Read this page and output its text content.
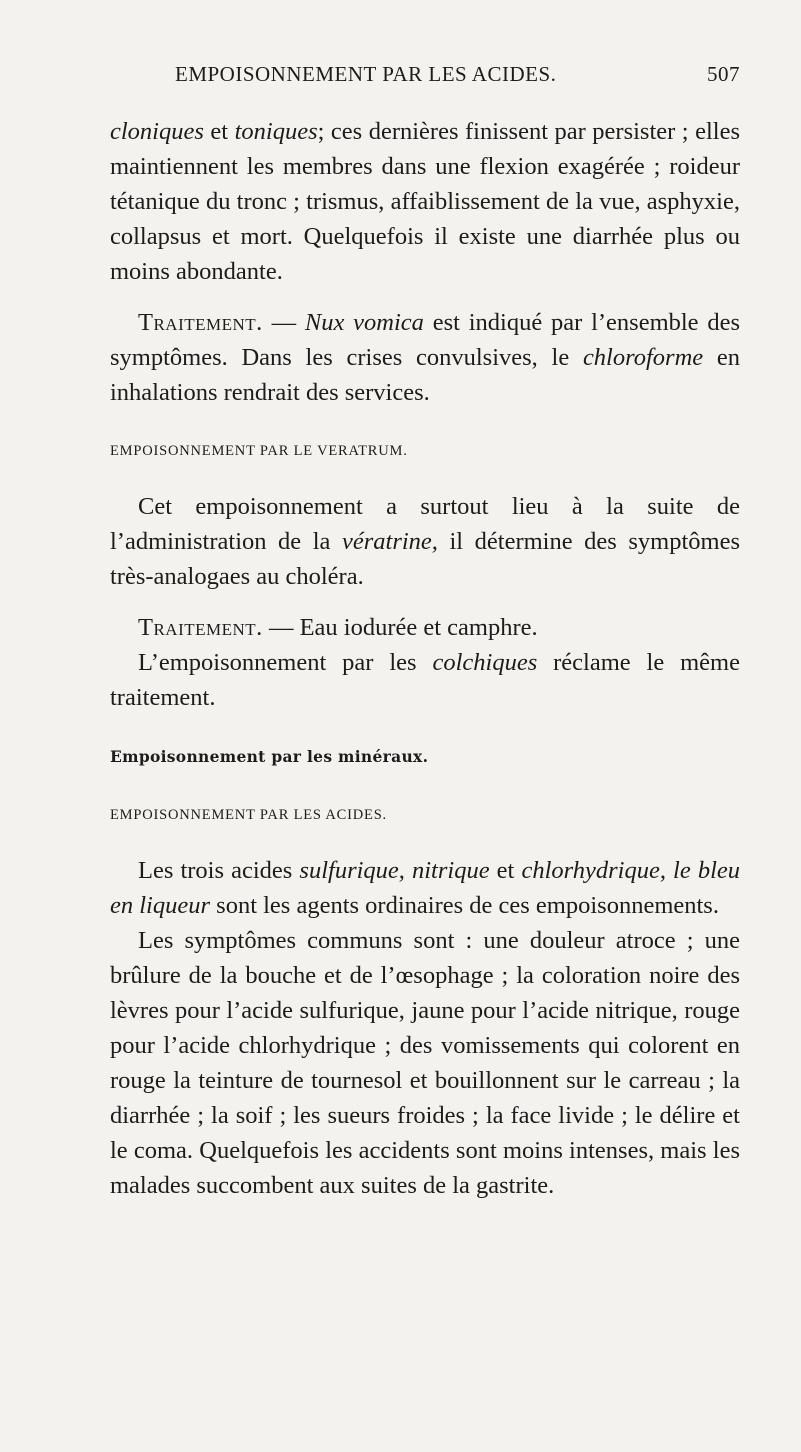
EMPOISONNEMENT PAR LES ACIDES.	507

cloniques et toniques; ces dernières finissent par persister ; elles maintiennent les membres dans une flexion exagérée ; roideur tétanique du tronc ; trismus, affaiblissement de la vue, asphyxie, collapsus et mort. Quelquefois il existe une diarrhée plus ou moins abondante.

Traitement. — Nux vomica est indiqué par l’ensemble des symptômes. Dans les crises convulsives, le chloroforme en inhalations rendrait des services.

EMPOISONNEMENT PAR LE VERATRUM.

Cet empoisonnement a surtout lieu à la suite de l’administration de la vératrine, il détermine des symptômes très-analogaes au choléra.

Traitement. — Eau iodurée et camphre.

L’empoisonnement par les colchiques réclame le même traitement.

Empoisonnement par les minéraux.

EMPOISONNEMENT PAR LES ACIDES.

Les trois acides sulfurique, nitrique et chlorhydrique, le bleu en liqueur sont les agents ordinaires de ces empoisonnements.

Les symptômes communs sont : une douleur atroce ; une brûlure de la bouche et de l’œsophage ; la coloration noire des lèvres pour l’acide sulfurique, jaune pour l’acide nitrique, rouge pour l’acide chlorhydrique ; des vomissements qui colorent en rouge la teinture de tournesol et bouillonnent sur le carreau ; la diarrhée ; la soif ; les sueurs froides ; la face livide ; le délire et le coma. Quelquefois les accidents sont moins intenses, mais les malades succombent aux suites de la gastrite.
